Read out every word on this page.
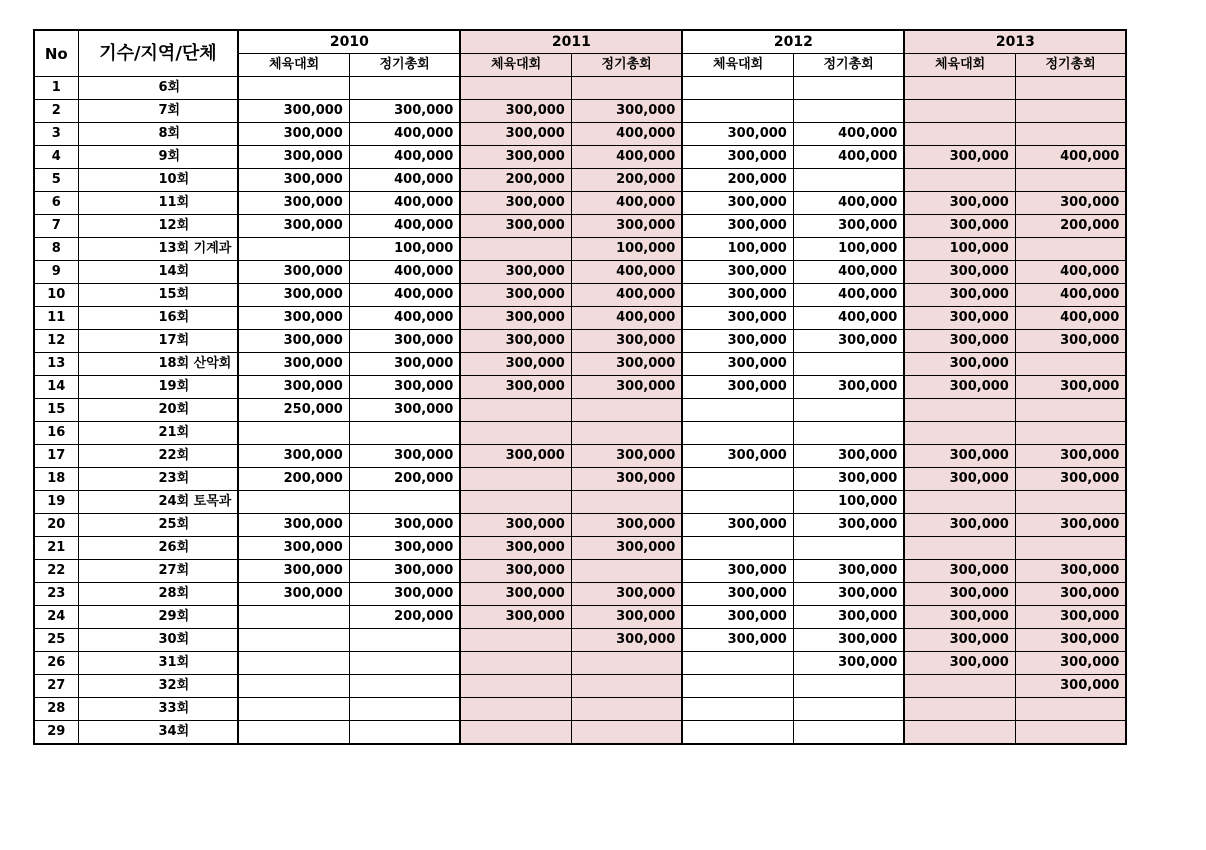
No	기수/지역/단체	2010		2011		2012		2013	
		체육대회	정기총회	체육대회	정기총회	체육대회	정기총회	체육대회	정기총회
1	6회								
2	7회	300,000	300,000	300,000	300,000				
3	8회	300,000	400,000	300,000	400,000	300,000	400,000		
4	9회	300,000	400,000	300,000	400,000	300,000	400,000	300,000	400,000
5	10회	300,000	400,000	200,000	200,000	200,000			
6	11회	300,000	400,000	300,000	400,000	300,000	400,000	300,000	300,000
7	12회	300,000	400,000	300,000	300,000	300,000	300,000	300,000	200,000
8	13회 기계과		100,000		100,000	100,000	100,000	100,000	
9	14회	300,000	400,000	300,000	400,000	300,000	400,000	300,000	400,000
10	15회	300,000	400,000	300,000	400,000	300,000	400,000	300,000	400,000
11	16회	300,000	400,000	300,000	400,000	300,000	400,000	300,000	400,000
12	17회	300,000	300,000	300,000	300,000	300,000	300,000	300,000	300,000
13	18회 산악회	300,000	300,000	300,000	300,000	300,000		300,000	
14	19회	300,000	300,000	300,000	300,000	300,000	300,000	300,000	300,000
15	20회	250,000	300,000						
16	21회								
17	22회	300,000	300,000	300,000	300,000	300,000	300,000	300,000	300,000
18	23회	200,000	200,000		300,000		300,000	300,000	300,000
19	24회 토목과						100,000		
20	25회	300,000	300,000	300,000	300,000	300,000	300,000	300,000	300,000
21	26회	300,000	300,000	300,000	300,000				
22	27회	300,000	300,000	300,000		300,000	300,000	300,000	300,000
23	28회	300,000	300,000	300,000	300,000	300,000	300,000	300,000	300,000
24	29회		200,000	300,000	300,000	300,000	300,000	300,000	300,000
25	30회				300,000	300,000	300,000	300,000	300,000
26	31회						300,000	300,000	300,000
27	32회								300,000
28	33회								
29	34회								
